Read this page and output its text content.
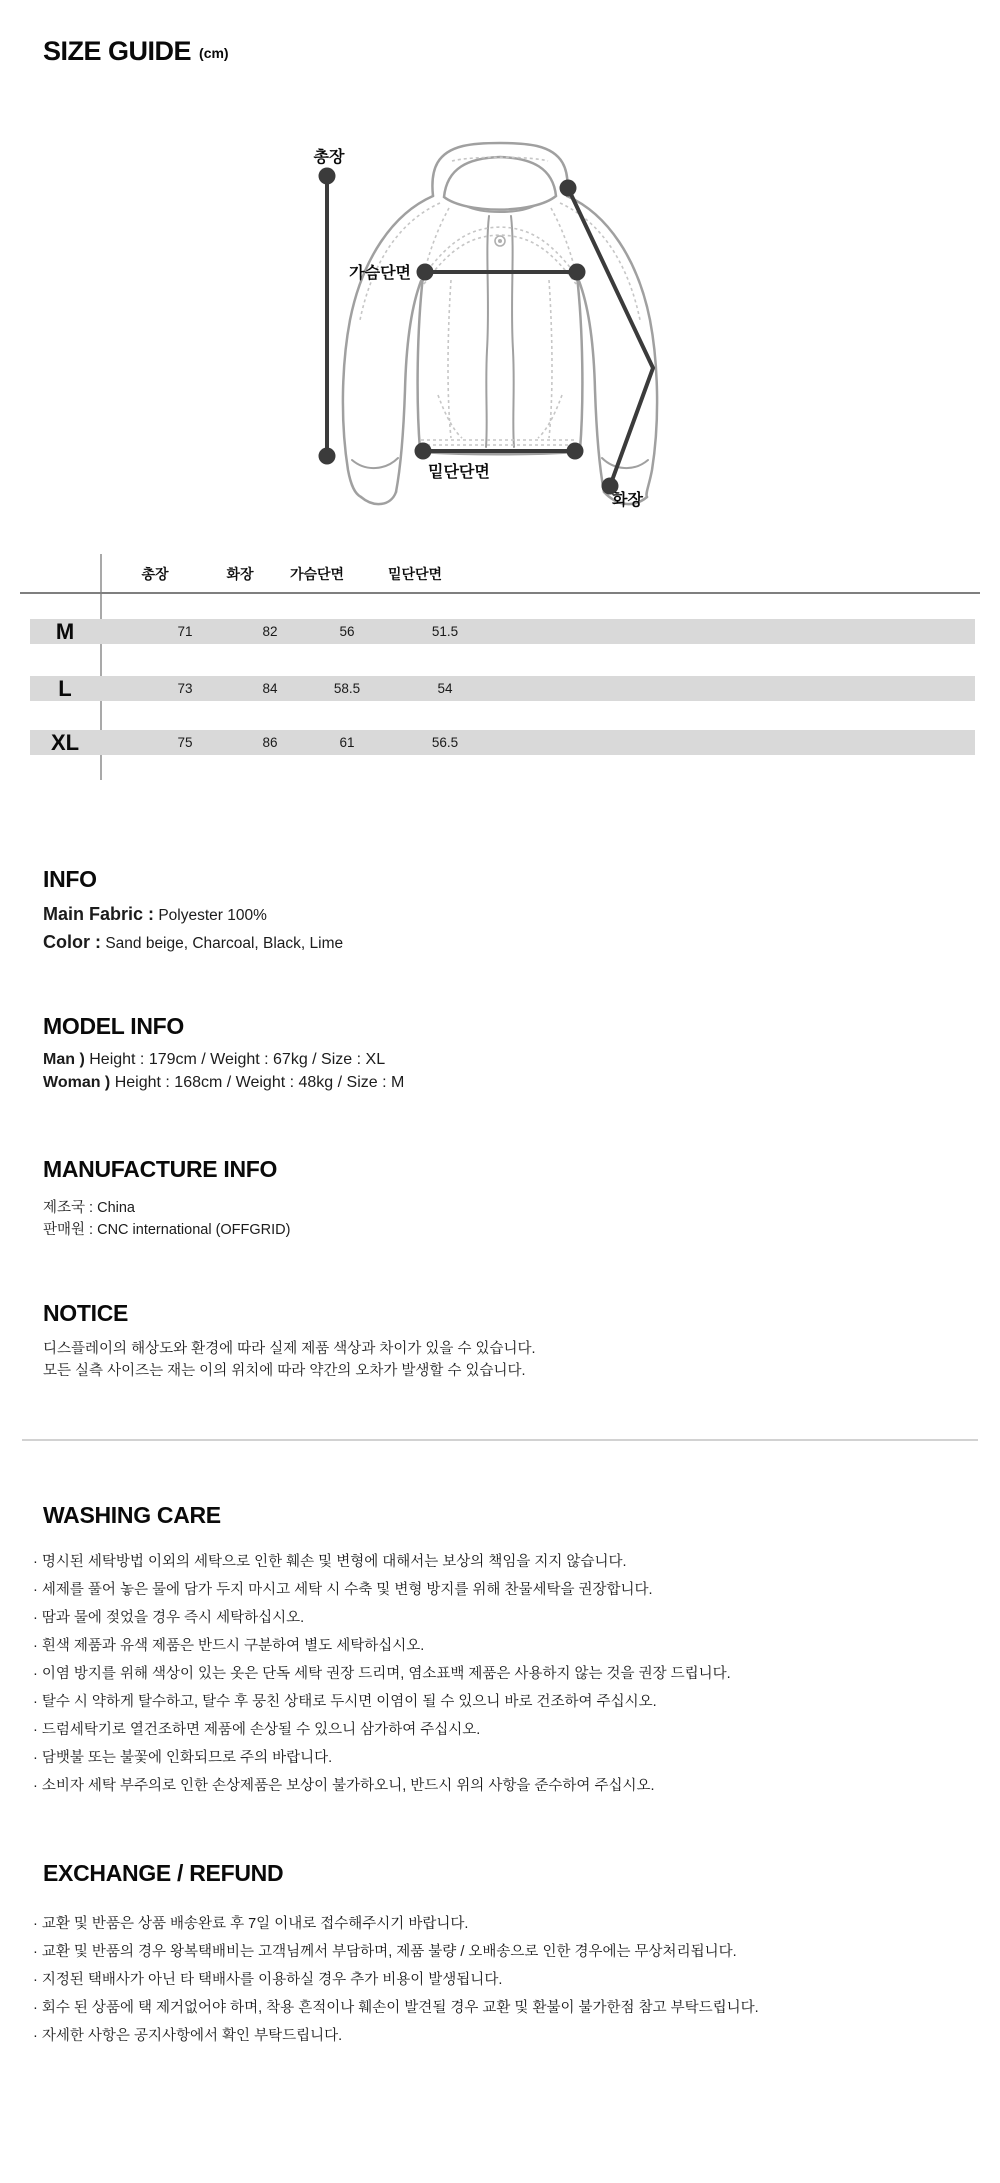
SIZE GUIDE (cm)
총장
가슴단면
밑단단면
화장
총장	화장	가슴단면	밑단단면
M	71	82	56	51.5
L	73	84	58.5	54
XL	75	86	61	56.5
INFO
Main Fabric : Polyester 100%
Color : Sand beige, Charcoal, Black, Lime
MODEL INFO
Man ) Height : 179cm / Weight : 67kg / Size : XL
Woman ) Height : 168cm / Weight : 48kg / Size : M
MANUFACTURE INFO
제조국 : China
판매원 : CNC international (OFFGRID)
NOTICE
디스플레이의 해상도와 환경에 따라 실제 제품 색상과 차이가 있을 수 있습니다.
모든 실측 사이즈는 재는 이의 위치에 따라 약간의 오차가 발생할 수 있습니다.
WASHING CARE
· 명시된 세탁방법 이외의 세탁으로 인한 훼손 및 변형에 대해서는 보상의 책임을 지지 않습니다.
· 세제를 풀어 놓은 물에 담가 두지 마시고 세탁 시 수축 및 변형 방지를 위해 찬물세탁을 권장합니다.
· 땀과 물에 젖었을 경우 즉시 세탁하십시오.
· 흰색 제품과 유색 제품은 반드시 구분하여 별도 세탁하십시오.
· 이염 방지를 위해 색상이 있는 옷은 단독 세탁 권장 드리며, 염소표백 제품은 사용하지 않는 것을 권장 드립니다.
· 탈수 시 약하게 탈수하고, 탈수 후 뭉친 상태로 두시면 이염이 될 수 있으니 바로 건조하여 주십시오.
· 드럼세탁기로 열건조하면 제품에 손상될 수 있으니 삼가하여 주십시오.
· 담뱃불 또는 불꽃에 인화되므로 주의 바랍니다.
· 소비자 세탁 부주의로 인한 손상제품은 보상이 불가하오니, 반드시 위의 사항을 준수하여 주십시오.
EXCHANGE / REFUND
· 교환 및 반품은 상품 배송완료 후 7일 이내로 접수해주시기 바랍니다.
· 교환 및 반품의 경우 왕복택배비는 고객님께서 부담하며, 제품 불량 / 오배송으로 인한 경우에는 무상처리됩니다.
· 지정된 택배사가 아닌 타 택배사를 이용하실 경우 추가 비용이 발생됩니다.
· 회수 된 상품에 택 제거없어야 하며, 착용 흔적이나 훼손이 발견될 경우 교환 및 환불이 불가한점 참고 부탁드립니다.
· 자세한 사항은 공지사항에서 확인 부탁드립니다.
